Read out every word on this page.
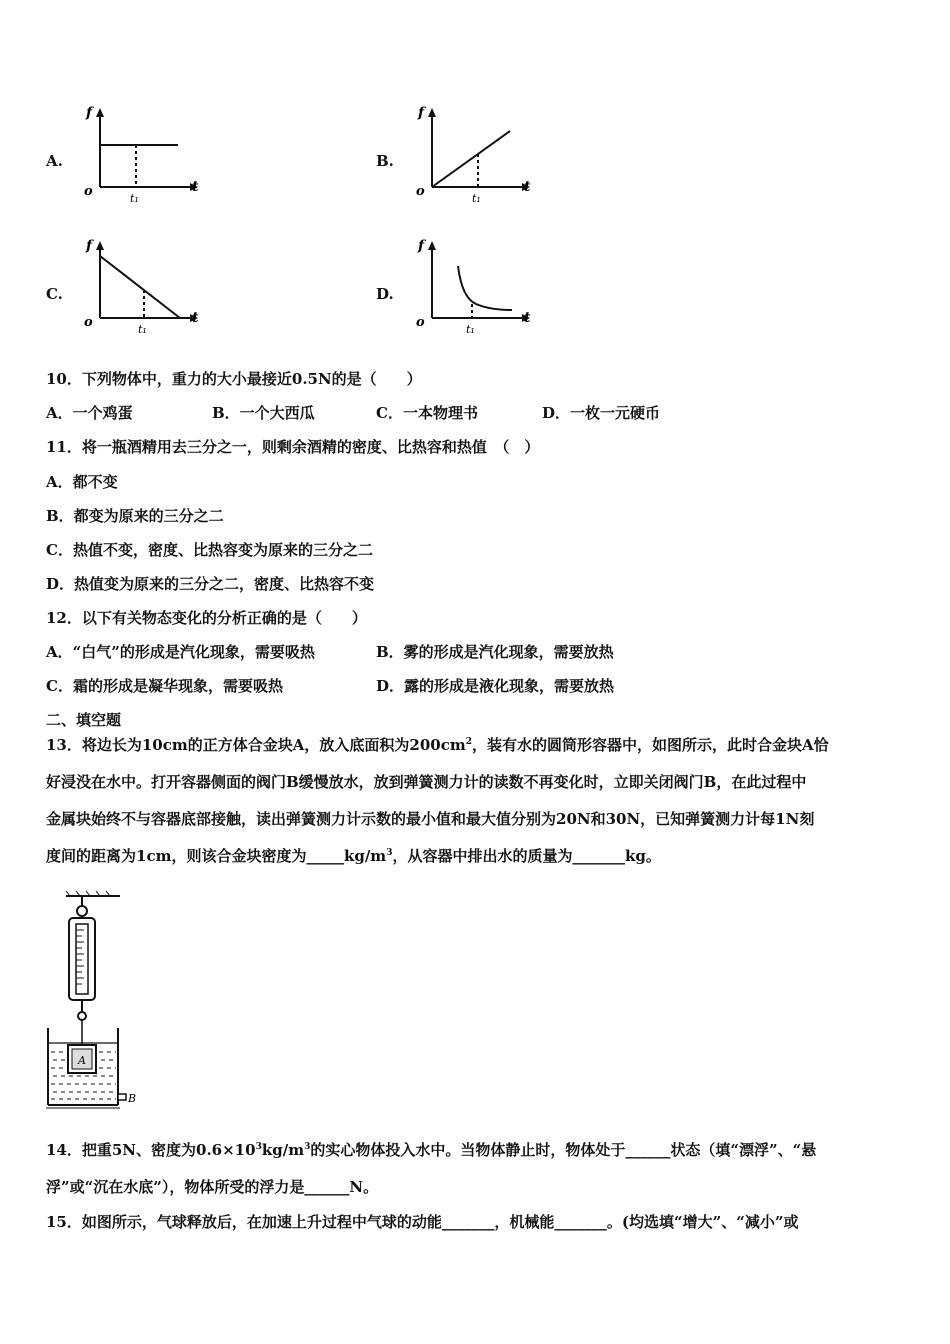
A.
f
t
o	t₁
B.
f
t
o	t₁
C.
f
t
o	t₁
D.
f
t
o	t₁
10．下列物体中，重力的大小最接近0.5N的是（　　）
A．一个鸡蛋	B．一个大西瓜	C．一本物理书	D．一枚一元硬币
11．将一瓶酒精用去三分之一，则剩余酒精的密度、比热容和热值　（　）
A．都不变
B．都变为原来的三分之二
C．热值不变，密度、比热容变为原来的三分之二
D．热值变为原来的三分之二，密度、比热容不变
12．以下有关物态变化的分析正确的是（　　）
A．“白气”的形成是汽化现象，需要吸热	B．雾的形成是汽化现象，需要放热
C．霜的形成是凝华现象，需要吸热	D．露的形成是液化现象，需要放热
二、填空题
13．将边长为10cm的正方体合金块A，放入底面积为$200cm^2$，装有水的圆筒形容器中，如图所示，此时合金块A恰
好浸没在水中。打开容器侧面的阀门B缓慢放水，放到弹簧测力计的读数不再变化时，立即关闭阀门B，在此过程中
金属块始终不与容器底部接触，读出弹簧测力计示数的最小值和最大值分别为20N和30N，已知弹簧测力计每1N刻
度间的距离为1cm，则该合金块密度为$\_\_\_\_\_kg/m^3$，从容器中排出水的质量为_______kg。
A
B
14．把重5N、密度为$0.6\times 10^3kg/m^3$的实心物体投入水中。当物体静止时，物体处于______状态（填“漂浮”、“悬
浮”或“沉在水底”），物体所受的浮力是______N。
15．如图所示，气球释放后，在加速上升过程中气球的动能_______，机械能_______。(均选填“增大”、“减小”或
